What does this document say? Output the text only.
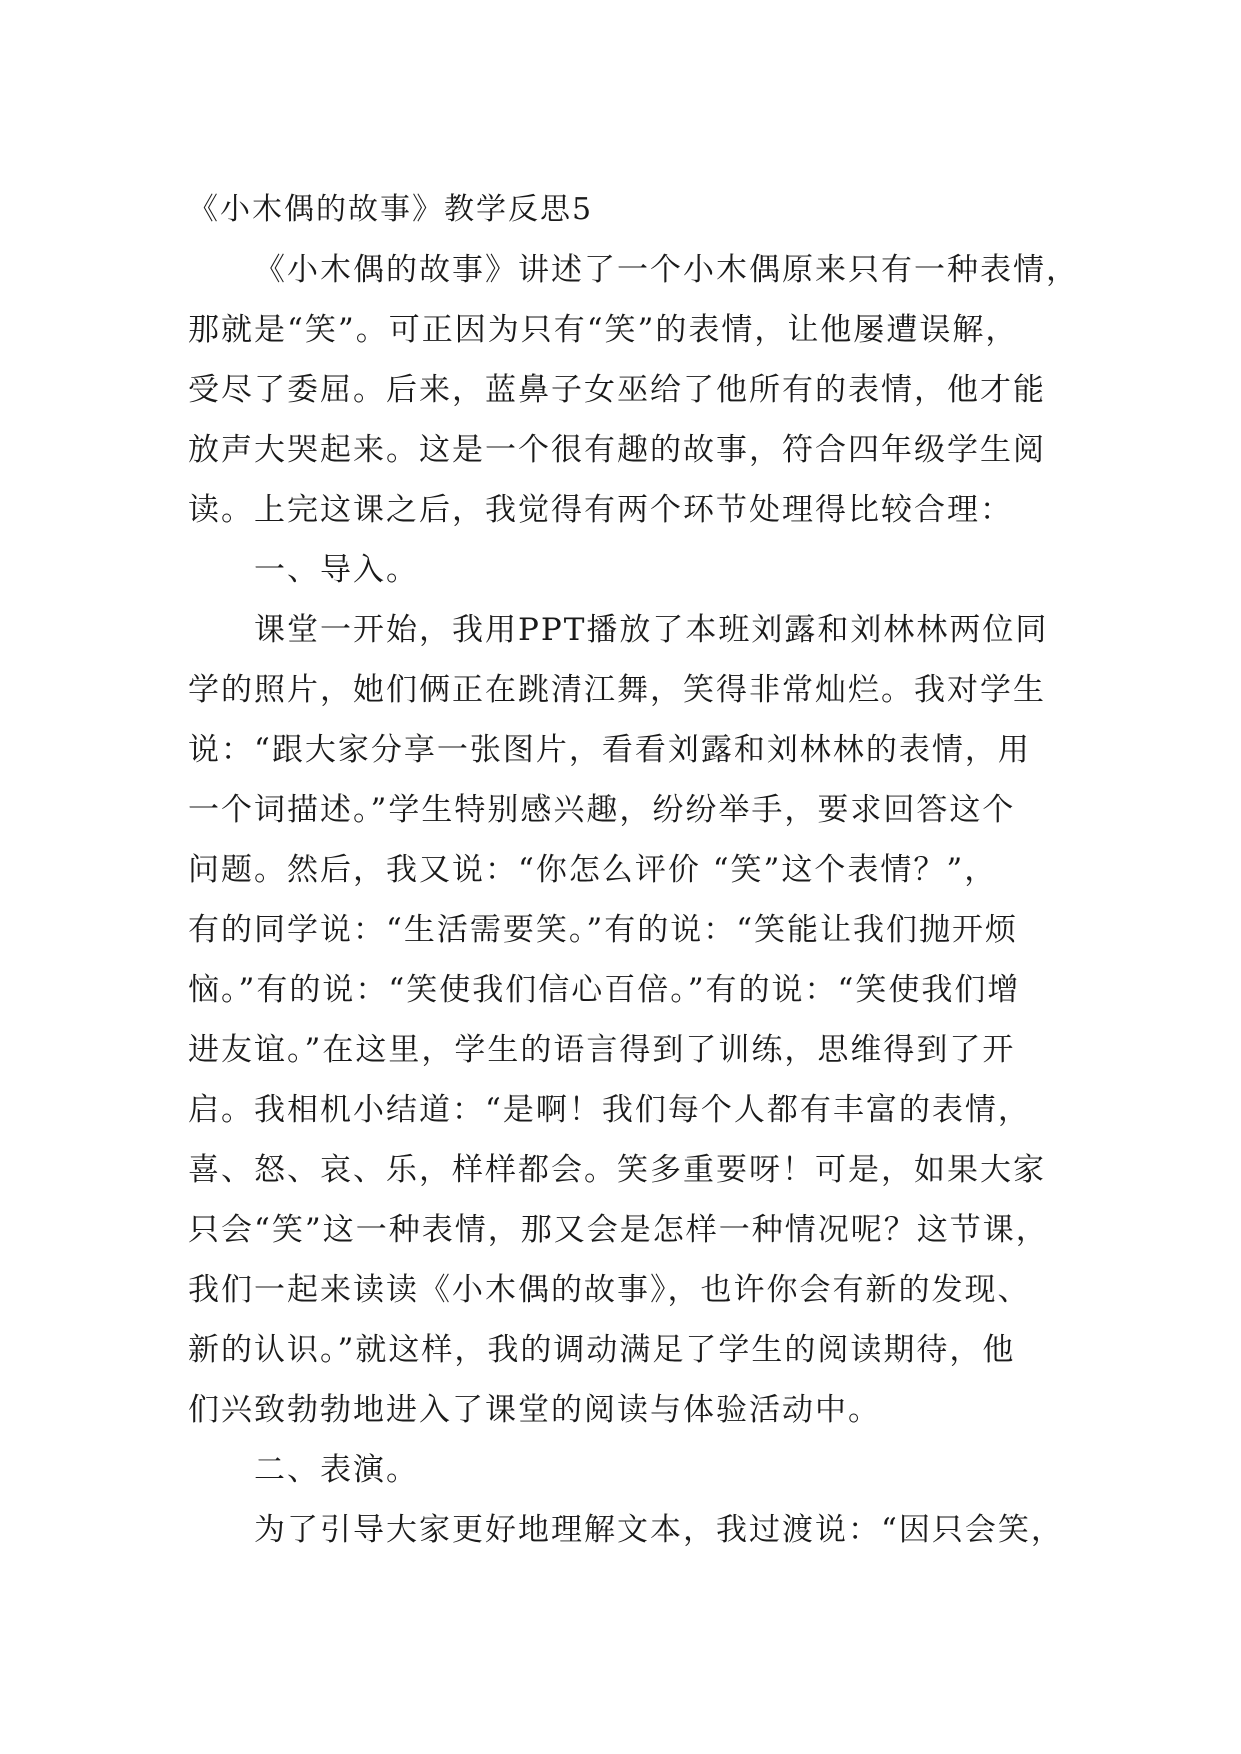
《小木偶的故事》教学反思5
《小木偶的故事》讲述了一个小木偶原来只有一种表情，
那就是“笑”。可正因为只有“笑”的表情，让他屡遭误解，
受尽了委屈。后来，蓝鼻子女巫给了他所有的表情，他才能
放声大哭起来。这是一个很有趣的故事，符合四年级学生阅
读。上完这课之后，我觉得有两个环节处理得比较合理：
一、导入。
课堂一开始，我用PPT播放了本班刘露和刘林林两位同
学的照片，她们俩正在跳清江舞，笑得非常灿烂。我对学生
说：“跟大家分享一张图片，看看刘露和刘林林的表情，用
一个词描述。”学生特别感兴趣，纷纷举手，要求回答这个
问题。然后，我又说：“你怎么评价 “笑”这个表情？”，
有的同学说：“生活需要笑。”有的说：“笑能让我们抛开烦
恼。”有的说：“笑使我们信心百倍。”有的说：“笑使我们增
进友谊。”在这里，学生的语言得到了训练，思维得到了开
启。我相机小结道：“是啊！我们每个人都有丰富的表情，
喜、怒、哀、乐，样样都会。笑多重要呀！可是，如果大家
只会“笑”这一种表情，那又会是怎样一种情况呢？这节课，
我们一起来读读《小木偶的故事》，也许你会有新的发现、
新的认识。”就这样，我的调动满足了学生的阅读期待，他
们兴致勃勃地进入了课堂的阅读与体验活动中。
二、表演。
为了引导大家更好地理解文本，我过渡说：“因只会笑，
